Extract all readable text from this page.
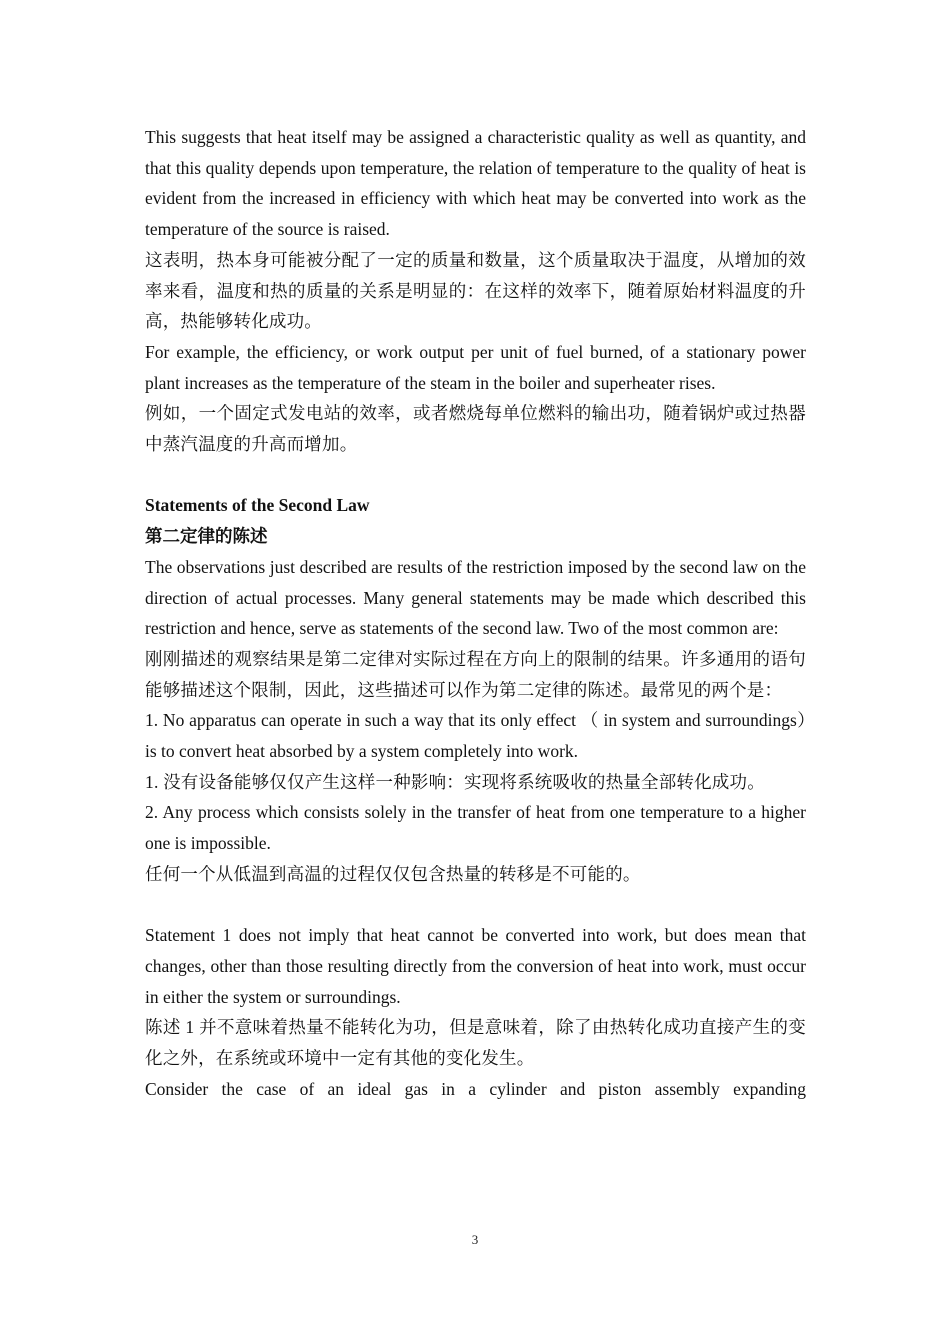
This suggests that heat itself may be assigned a characteristic quality as well as quantity, and that this quality depends upon temperature, the relation of temperature to the quality of heat is evident from the increased in efficiency with which heat may be converted into work as the temperature of the source is raised.

这表明，热本身可能被分配了一定的质量和数量，这个质量取决于温度，从增加的效率来看，温度和热的质量的关系是明显的：在这样的效率下，随着原始材料温度的升高，热能够转化成功。

For example, the efficiency, or work output per unit of fuel burned, of a stationary power plant increases as the temperature of the steam in the boiler and superheater rises.

例如，一个固定式发电站的效率，或者燃烧每单位燃料的输出功，随着锅炉或过热器中蒸汽温度的升高而增加。

Statements of the Second Law
第二定律的陈述

The observations just described are results of the restriction imposed by the second law on the direction of actual processes. Many general statements may be made which described this restriction and hence, serve as statements of the second law. Two of the most common are:

刚刚描述的观察结果是第二定律对实际过程在方向上的限制的结果。许多通用的语句能够描述这个限制，因此，这些描述可以作为第二定律的陈述。最常见的两个是：

1. No apparatus can operate in such a way that its only effect （ in system and surroundings）is to convert heat absorbed by a system completely into work.

1. 没有设备能够仅仅产生这样一种影响：实现将系统吸收的热量全部转化成功。

2. Any process which consists solely in the transfer of heat from one temperature to a higher one is impossible.

任何一个从低温到高温的过程仅仅包含热量的转移是不可能的。

Statement 1 does not imply that heat cannot be converted into work, but does mean that changes, other than those resulting directly from the conversion of heat into work, must occur in either the system or surroundings.

陈述 1 并不意味着热量不能转化为功，但是意味着，除了由热转化成功直接产生的变化之外，在系统或环境中一定有其他的变化发生。

Consider the case of an ideal gas in a cylinder and piston assembly expanding

3
